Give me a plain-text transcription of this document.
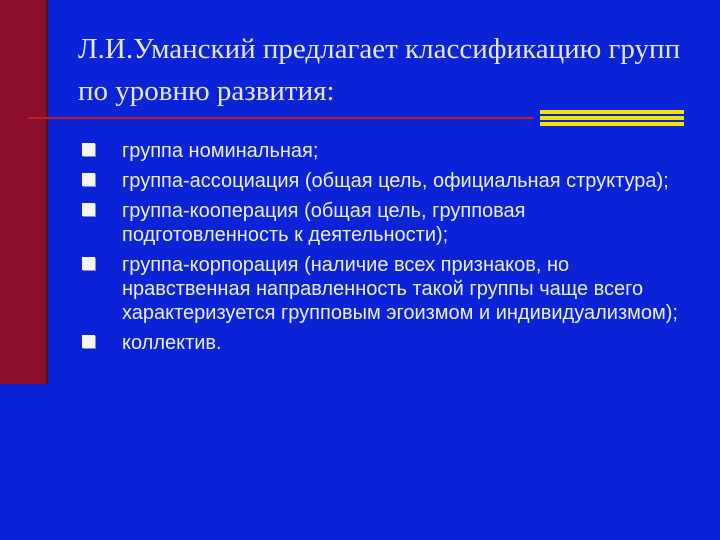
Л.И.Уманский предлагает классификацию групп по уровню развития:
группа номинальная;
группа-ассоциация (общая цель, официальная структура);
группа-кооперация (общая цель, групповая подготовленность к деятельности);
группа-корпорация (наличие всех признаков, но нравственная направленность такой группы чаще всего характеризуется групповым эгоизмом и индивидуализмом);
коллектив.
